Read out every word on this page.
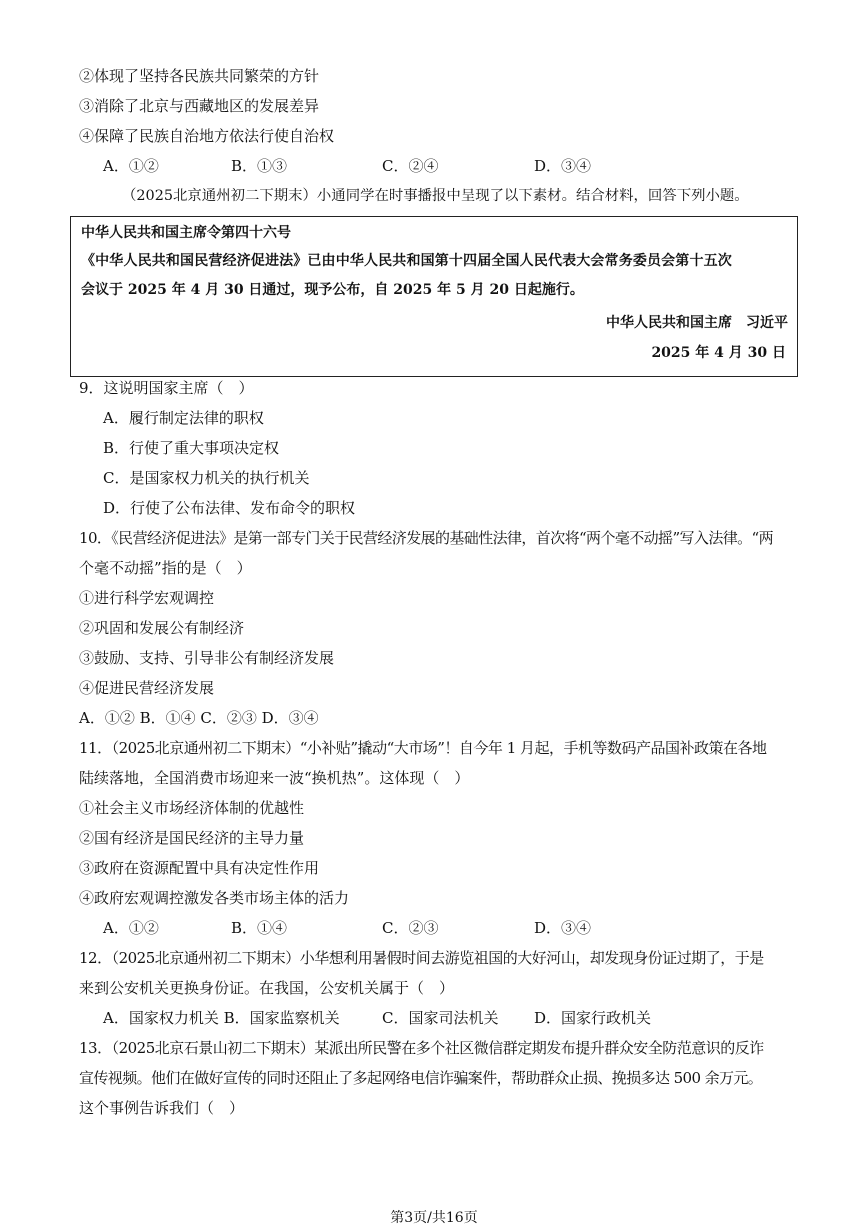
②体现了坚持各民族共同繁荣的方针
③消除了北京与西藏地区的发展差异
④保障了民族自治地方依法行使自治权
A．①②	B．①③	C．②④	D．③④
（2025北京通州初二下期末）小通同学在时事播报中呈现了以下素材。结合材料，回答下列小题。
中华人民共和国主席令第四十六号
《中华人民共和国民营经济促进法》已由中华人民共和国第十四届全国人民代表大会常务委员会第十五次
会议于 2025 年 4 月 30 日通过，现予公布，自 2025 年 5 月 20 日起施行。
中华人民共和国主席　习近平
2025 年 4 月 30 日
9．这说明国家主席（　）
A．履行制定法律的职权
B．行使了重大事项决定权
C．是国家权力机关的执行机关
D．行使了公布法律、发布命令的职权
10．《民营经济促进法》是第一部专门关于民营经济发展的基础性法律，首次将“两个毫不动摇”写入法律。“两
个毫不动摇”指的是（　）
①进行科学宏观调控
②巩固和发展公有制经济
③鼓励、支持、引导非公有制经济发展
④促进民营经济发展
A．①② B．①④ C．②③ D．③④
11．（2025北京通州初二下期末）“小补贴”撬动“大市场”！自今年 1 月起，手机等数码产品国补政策在各地
陆续落地，全国消费市场迎来一波“换机热”。这体现（　）
①社会主义市场经济体制的优越性
②国有经济是国民经济的主导力量
③政府在资源配置中具有决定性作用
④政府宏观调控激发各类市场主体的活力
A．①②	B．①④	C．②③	D．③④
12．（2025北京通州初二下期末）小华想利用暑假时间去游览祖国的大好河山，却发现身份证过期了，于是
来到公安机关更换身份证。在我国，公安机关属于（　）
A．国家权力机关 B．国家监察机关	C．国家司法机关 D．国家行政机关
13．（2025北京石景山初二下期末）某派出所民警在多个社区微信群定期发布提升群众安全防范意识的反诈
宣传视频。他们在做好宣传的同时还阻止了多起网络电信诈骗案件，帮助群众止损、挽损多达 500 余万元。
这个事例告诉我们（　）
第3页/共16页
